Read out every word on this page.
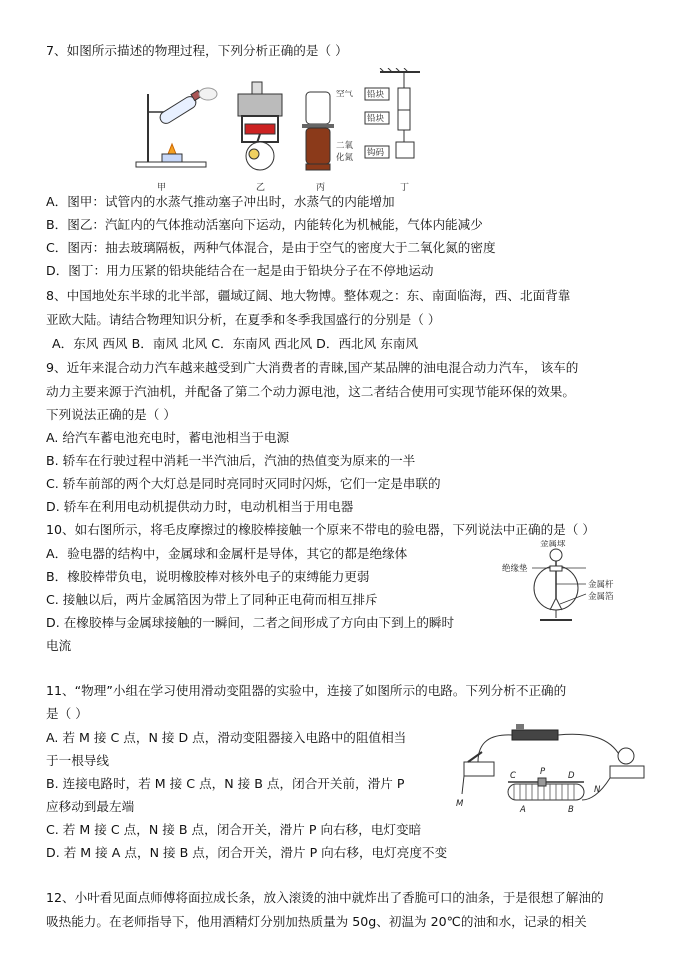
7、如图所示描述的物理过程，下列分析正确的是（ ）
甲	乙
空气
二氧
化氮
丙
铅块
铅块
钩码
丁
A．图甲：试管内的水蒸气推动塞子冲出时，水蒸气的内能增加
B．图乙：汽缸内的气体推动活塞向下运动，内能转化为机械能，气体内能减少
C．图丙：抽去玻璃隔板，两种气体混合，是由于空气的密度大于二氧化氮的密度
D．图丁：用力压紧的铅块能结合在一起是由于铅块分子在不停地运动
8、中国地处东半球的北半部，疆域辽阔、地大物博。整体观之：东、南面临海，西、北面背靠
亚欧大陆。请结合物理知识分析，在夏季和冬季我国盛行的分别是（ ）
A．东风 西风 B．南风 北风 C．东南风 西北风 D．西北风 东南风
9、近年来混合动力汽车越来越受到广大消费者的青睐,国产某品牌的油电混合动力汽车， 该车的
动力主要来源于汽油机，并配备了第二个动力源电池，这二者结合使用可实现节能环保的效果。
下列说法正确的是（ ）
A. 给汽车蓄电池充电时，蓄电池相当于电源
B. 轿车在行驶过程中消耗一半汽油后，汽油的热值变为原来的一半
C. 轿车前部的两个大灯总是同时亮同时灭同时闪烁，它们一定是串联的
D. 轿车在利用电动机提供动力时，电动机相当于用电器
10、如右图所示，将毛皮摩擦过的橡胶棒接触一个原来不带电的验电器，下列说法中正确的是（ ）
A．验电器的结构中，金属球和金属杆是导体，其它的都是绝缘体
B．橡胶棒带负电，说明橡胶棒对核外电子的束缚能力更弱
C. 接触以后，两片金属箔因为带上了同种正电荷而相互排斥
D. 在橡胶棒与金属球接触的一瞬间，二者之间形成了方向由下到上的瞬时
电流
金属球
绝缘垫
金属杆
金属箔
11、“物理”小组在学习使用滑动变阻器的实验中，连接了如图所示的电路。下列分析不正确的
是（ ）
A. 若 M 接 C 点，N 接 D 点，滑动变阻器接入电路中的阻值相当
于一根导线
B. 连接电路时，若 M 接 C 点，N 接 B 点，闭合开关前，滑片 P
应移动到最左端
C. 若 M 接 C 点，N 接 B 点，闭合开关，滑片 P 向右移，电灯变暗
D. 若 M 接 A 点，N 接 B 点，闭合开关，滑片 P 向右移，电灯亮度不变
M
N
C	P	D
A	B
12、小叶看见面点师傅将面拉成长条，放入滚烫的油中就炸出了香脆可口的油条，于是很想了解油的
吸热能力。在老师指导下，他用酒精灯分别加热质量为 50g、初温为 20℃的油和水，记录的相关
